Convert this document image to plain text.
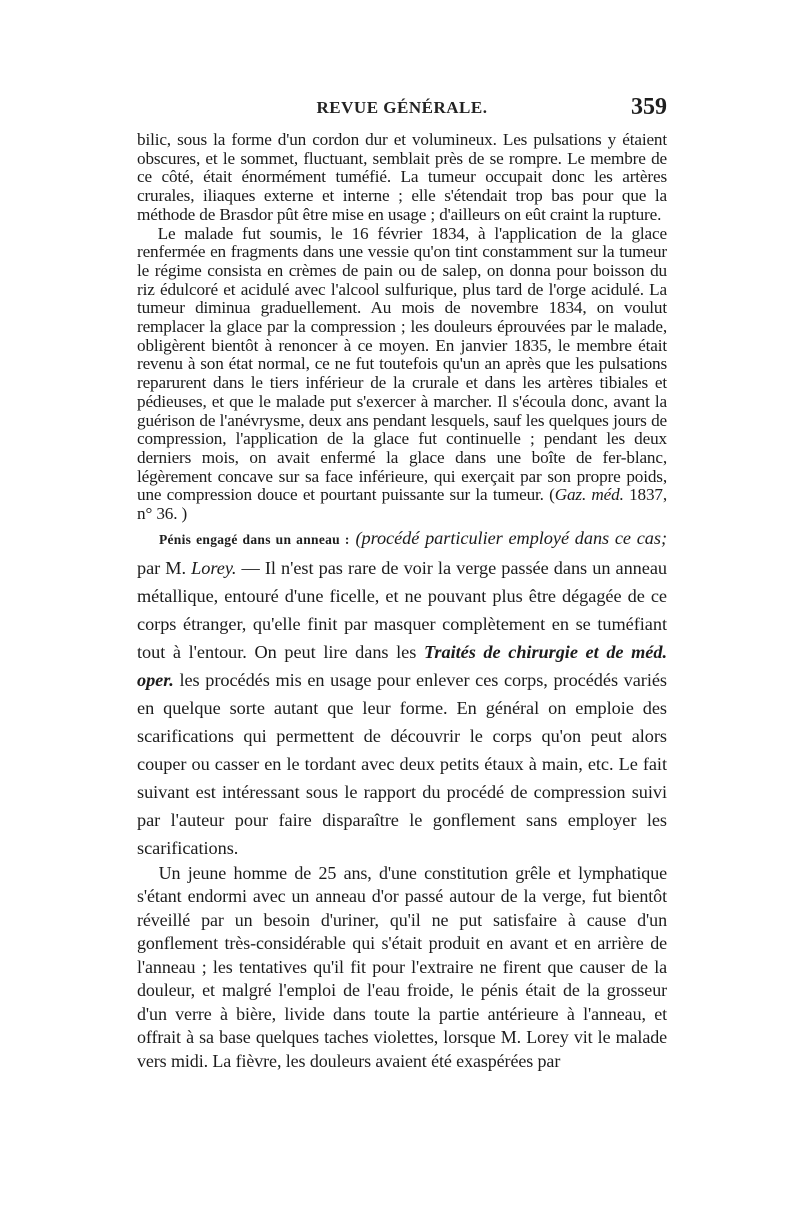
REVUE GÉNÉRALE.	359

bilic, sous la forme d'un cordon dur et volumineux. Les pulsations y étaient obscures, et le sommet, fluctuant, semblait près de se rompre. Le membre de ce côté, était énormément tuméfié. La tumeur occupait donc les artères crurales, iliaques externe et interne ; elle s'étendait trop bas pour que la méthode de Brasdor pût être mise en usage ; d'ailleurs on eût craint la rupture.

Le malade fut soumis, le 16 février 1834, à l'application de la glace renfermée en fragments dans une vessie qu'on tint constamment sur la tumeur le régime consista en crèmes de pain ou de salep, on donna pour boisson du riz édulcoré et acidulé avec l'alcool sulfurique, plus tard de l'orge acidulé. La tumeur diminua graduellement. Au mois de novembre 1834, on voulut remplacer la glace par la compression ; les douleurs éprouvées par le malade, obligèrent bientôt à renoncer à ce moyen. En janvier 1835, le membre était revenu à son état normal, ce ne fut toutefois qu'un an après que les pulsations reparurent dans le tiers inférieur de la crurale et dans les artères tibiales et pédieuses, et que le malade put s'exercer à marcher. Il s'écoula donc, avant la guérison de l'anévrysme, deux ans pendant lesquels, sauf les quelques jours de compression, l'application de la glace fut continuelle ; pendant les deux derniers mois, on avait enfermé la glace dans une boîte de fer-blanc, légèrement concave sur sa face inférieure, qui exerçait par son propre poids, une compression douce et pourtant puissante sur la tumeur. (Gaz. méd. 1837, n° 36. )

Pénis engagé dans un anneau : (procédé particulier employé dans ce cas; par M. Lorey. — Il n'est pas rare de voir la verge passée dans un anneau métallique, entouré d'une ficelle, et ne pouvant plus être dégagée de ce corps étranger, qu'elle finit par masquer complètement en se tuméfiant tout à l'entour. On peut lire dans les Traités de chirurgie et de méd. oper. les procédés mis en usage pour enlever ces corps, procédés variés en quelque sorte autant que leur forme. En général on emploie des scarifications qui permettent de découvrir le corps qu'on peut alors couper ou casser en le tordant avec deux petits étaux à main, etc. Le fait suivant est intéressant sous le rapport du procédé de compression suivi par l'auteur pour faire disparaître le gonflement sans employer les scarifications.

Un jeune homme de 25 ans, d'une constitution grêle et lymphatique s'étant endormi avec un anneau d'or passé autour de la verge, fut bientôt réveillé par un besoin d'uriner, qu'il ne put satisfaire à cause d'un gonflement très-considérable qui s'était produit en avant et en arrière de l'anneau ; les tentatives qu'il fit pour l'extraire ne firent que causer de la douleur, et malgré l'emploi de l'eau froide, le pénis était de la grosseur d'un verre à bière, livide dans toute la partie antérieure à l'anneau, et offrait à sa base quelques taches violettes, lorsque M. Lorey vit le malade vers midi. La fièvre, les douleurs avaient été exaspérées par
